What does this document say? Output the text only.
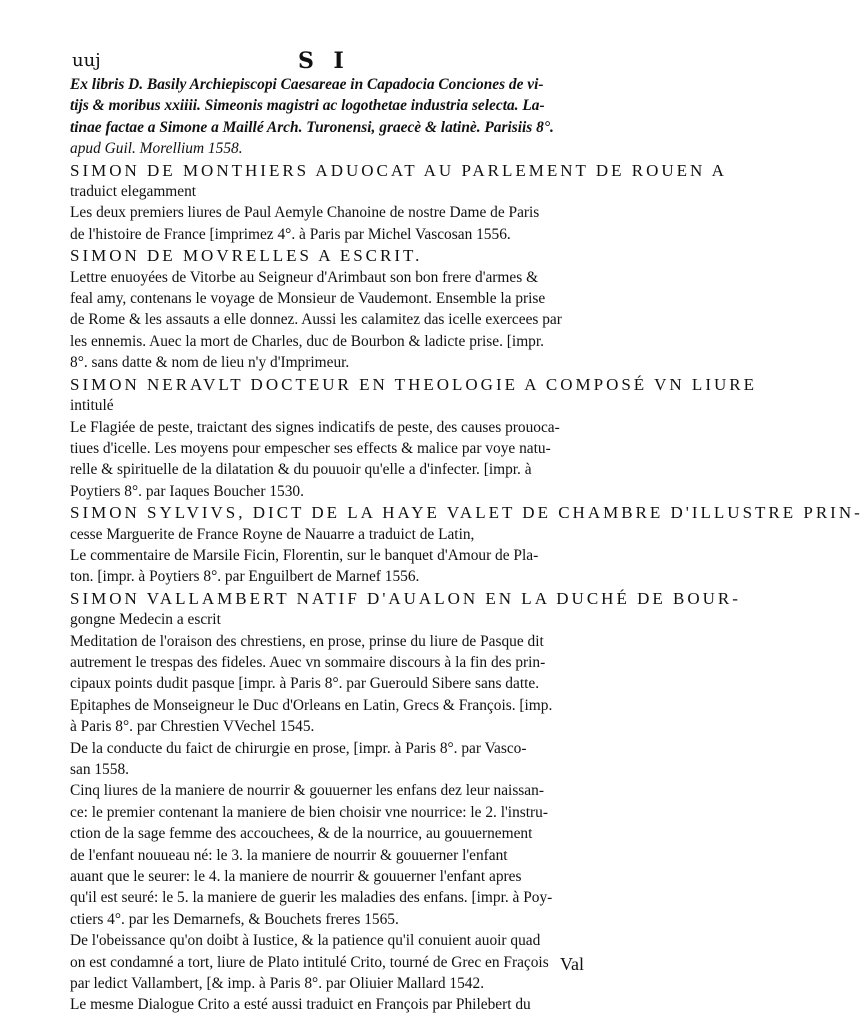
uuj	S I
Ex libris D. Basily Archiepiscopi Caesareae in Capadocia Conciones de vi-
tijs & moribus xxiiii. Simeonis magistri ac logothetae industria selecta. La-
tinae factae a Simone a Maillé Arch. Turonensi, graecè & latinè. Parisiis 8°.
apud Guil. Morellium 1558.
SIMON DE MONTHIERS ADUOCAT AU PARLEMENT DE ROUEN A
traduict elegamment
Les deux premiers liures de Paul Aemyle Chanoine de nostre Dame de Paris
de l'histoire de France [imprimez 4°. à Paris par Michel Vascosan 1556.
SIMON DE MOVRELLES A ESCRIT.
Lettre enuoyées de Vitorbe au Seigneur d'Arimbaut son bon frere d'armes &
feal amy, contenans le voyage de Monsieur de Vaudemont. Ensemble la prise
de Rome & les assauts a elle donnez. Aussi les calamitez das icelle exercees par
les ennemis. Auec la mort de Charles, duc de Bourbon & ladicte prise. [impr.
8°. sans datte & nom de lieu n'y d'Imprimeur.
SIMON NERAVLT DOCTEUR EN THEOLOGIE A COMPOSÉ VN LIURE
intitulé
Le Flagiée de peste, traictant des signes indicatifs de peste, des causes prouoca-
tiues d'icelle. Les moyens pour empescher ses effects & malice par voye natu-
relle & spirituelle de la dilatation & du pouuoir qu'elle a d'infecter. [impr. à
Poytiers 8°. par Iaques Boucher 1530.
SIMON SYLVIVS, DICT DE LA HAYE VALET DE CHAMBRE D'ILLUSTRE PRIN-
cesse Marguerite de France Royne de Nauarre a traduict de Latin,
Le commentaire de Marsile Ficin, Florentin, sur le banquet d'Amour de Pla-
ton. [impr. à Poytiers 8°. par Enguilbert de Marnef 1556.
SIMON VALLAMBERT NATIF D'AUALON EN LA DUCHÉ DE BOUR-
gongne Medecin a escrit
Meditation de l'oraison des chrestiens, en prose, prinse du liure de Pasque dit
autrement le trespas des fideles. Auec vn sommaire discours à la fin des prin-
cipaux points dudit pasque [impr. à Paris 8°. par Guerould Sibere sans datte.
Epitaphes de Monseigneur le Duc d'Orleans en Latin, Grecs & François. [imp.
à Paris 8°. par Chrestien VVechel 1545.
De la conducte du faict de chirurgie en prose, [impr. à Paris 8°. par Vasco-
san 1558.
Cinq liures de la maniere de nourrir & gouuerner les enfans dez leur naissan-
ce: le premier contenant la maniere de bien choisir vne nourrice: le 2. l'instru-
ction de la sage femme des accouchees, & de la nourrice, au gouuernement
de l'enfant nouueau né: le 3. la maniere de nourrir & gouuerner l'enfant
auant que le seurer: le 4. la maniere de nourrir & gouuerner l'enfant apres
qu'il est seuré: le 5. la maniere de guerir les maladies des enfans. [impr. à Poy-
ctiers 4°. par les Demarnefs, & Bouchets freres 1565.
De l'obeissance qu'on doibt à Iustice, & la patience qu'il conuient auoir quad
on est condamné a tort, liure de Plato intitulé Crito, tourné de Grec en Fraçois
par ledict Vallambert, [& imp. à Paris 8°. par Oliuier Mallard 1542.
Le mesme Dialogue Crito a esté aussi traduict en François par Philebert du
Val
